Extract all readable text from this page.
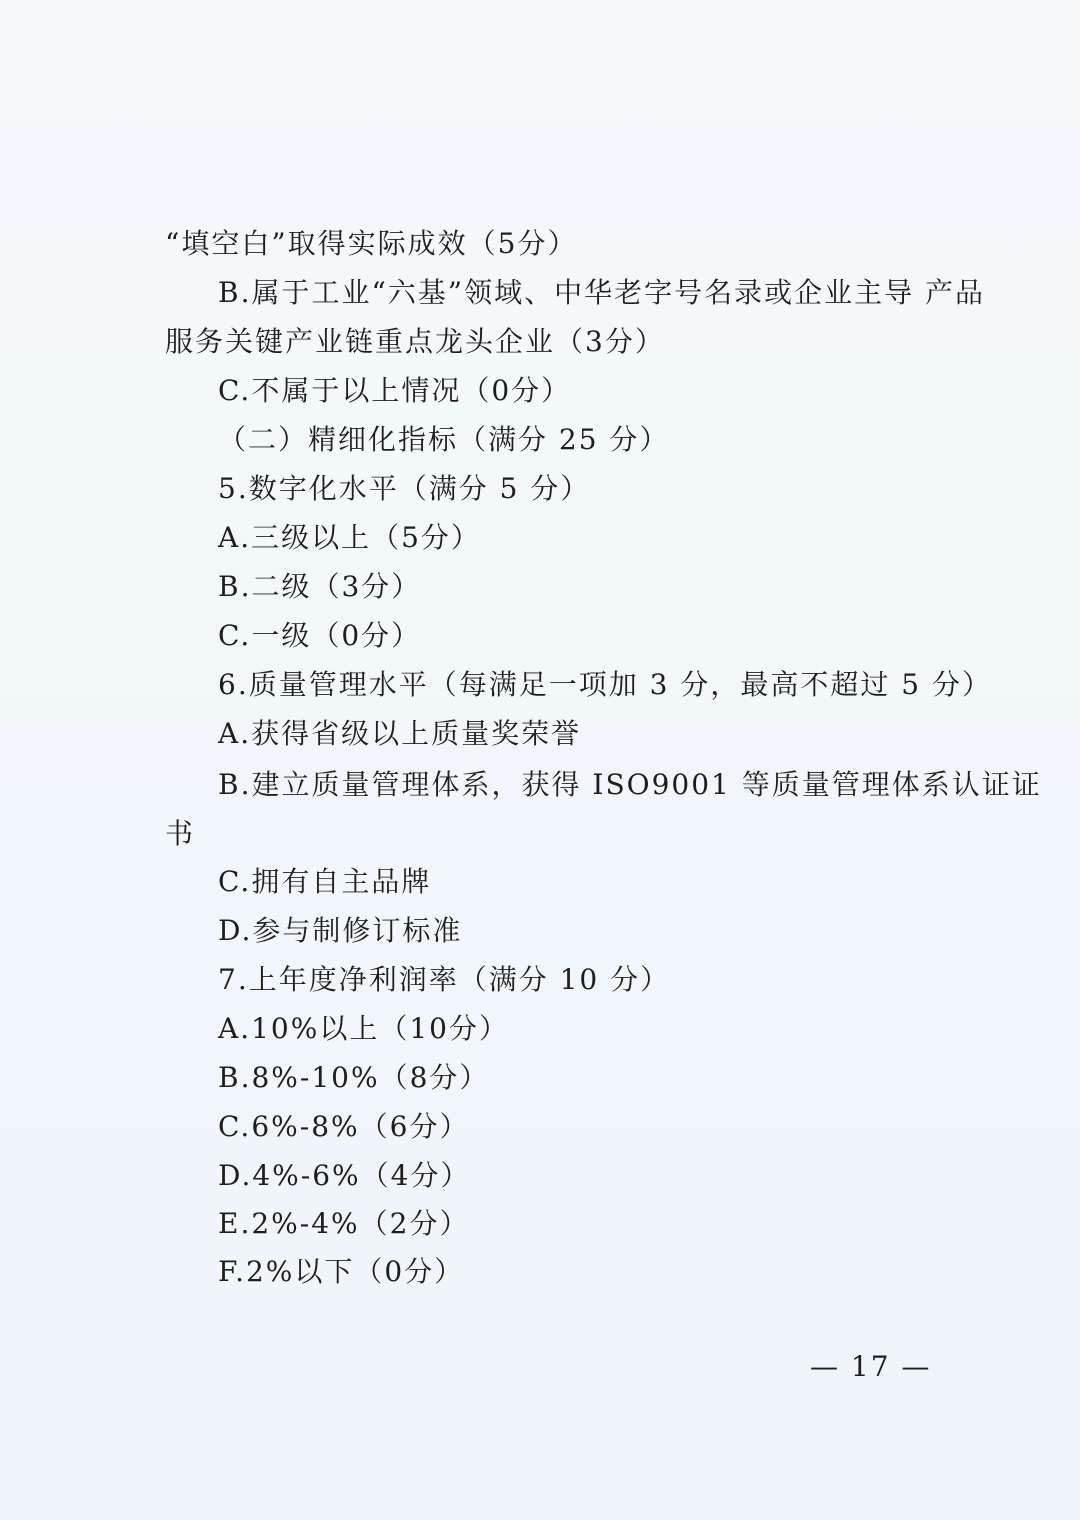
“填空白”取得实际成效（5分）
B.属于工业“六基”领域、中华老字号名录或企业主导 产品
服务关键产业链重点龙头企业（3分）
C.不属于以上情况（0分）
（二）精细化指标（满分 25 分）
5.数字化水平（满分 5 分）
A.三级以上（5分）
B.二级（3分）
C.一级（0分）
6.质量管理水平（每满足一项加 3 分，最高不超过 5 分）
A.获得省级以上质量奖荣誉
B.建立质量管理体系，获得 ISO9001 等质量管理体系认证证
书
C.拥有自主品牌
D.参与制修订标准
7.上年度净利润率（满分 10 分）
A.10%以上（10分）
B.8%-10%（8分）
C.6%-8%（6分）
D.4%-6%（4分）
E.2%-4%（2分）
F.2%以下（0分）
— 17 —
